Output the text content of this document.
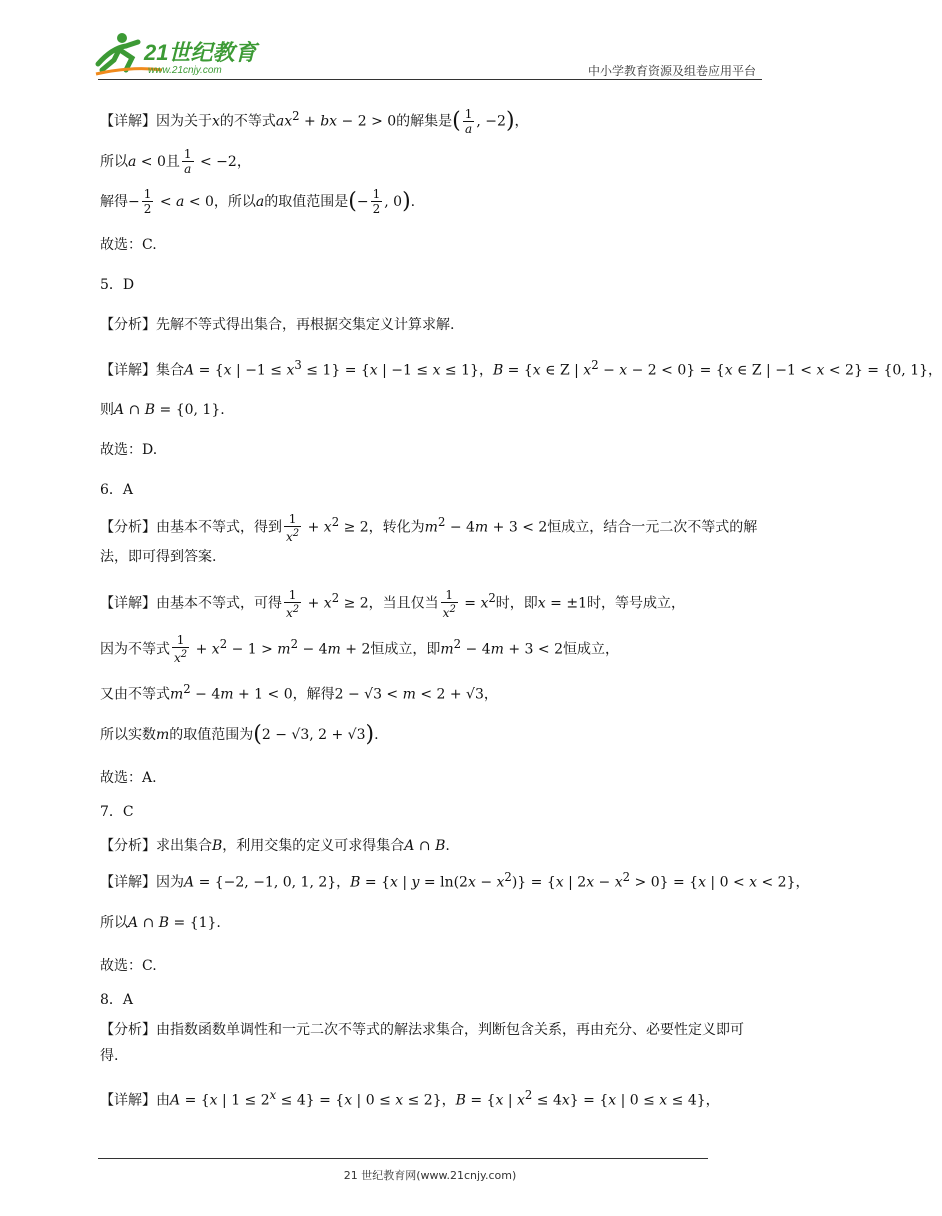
21世纪教育
www.21cnjy.com	中小学教育资源及组卷应用平台

【详解】因为关于x的不等式$ax^2$ + bx − 2 > 0的解集是( $\frac{1}{a}$ , −2)，

所以a < 0且 $\frac{1}{a} < -2$，

解得− $\frac{1}{2} < a < 0$，所以a的取值范围是(− $\frac{1}{2}$ , 0).

故选：C.

5．D

【分析】先解不等式得出集合，再根据交集定义计算求解.

【详解】集合A = {x | $-1 \le x^3 \le 1\} = \{x$ | −1 ≤ x ≤ 1}，B = {x ∈ Z | $x^2 - x - 2 < 0\} = \{x$ ∈ Z | −1 < x < 2} = {0, 1}，

则A ∩ B = {0, 1}.

故选：D.

6．A

【分析】由基本不等式，得到 $\frac{1}{x^2} + x^2 \ge 2$，转化为$m^2 - 4m + 3 < 2$恒成立，结合一元二次不等式的解法，即可得到答案.

【详解】由基本不等式，可得 $\frac{1}{x^2} + x^2 \ge 2$，当且仅当 $\frac{1}{x^2} = x^2$时，即x = ±1时，等号成立，

因为不等式 $\frac{1}{x^2} + x^2 - 1 > m^2 - 4m + 2$恒成立，即$m^2 - 4m + 3 < 2$恒成立，

又由不等式$m^2 - 4m + 1 < 0$，解得2 − √3 < m < 2 + √3，

所以实数m的取值范围为(2 − √3, 2 + √3).

故选：A.

7．C

【分析】求出集合B，利用交集的定义可求得集合A ∩ B.

【详解】因为A = {−2, −1, 0, 1, 2}，B = {x | $y = \ln(2x - x^2)\} = \{x$ | $2x - x^2 > 0\} = \{x$ | 0 < x < 2}，

所以A ∩ B = {1}.

故选：C.

8．A

【分析】由指数函数单调性和一元二次不等式的解法求集合，判断包含关系，再由充分、必要性定义即可得.

【详解】由A = {x | $1 \le 2^x \le 4\} = \{x$ | 0 ≤ x ≤ 2}，B = {x | $x^2 \le 4x\} = \{x$ | 0 ≤ x ≤ 4}，

21 世纪教育网(www.21cnjy.com)
